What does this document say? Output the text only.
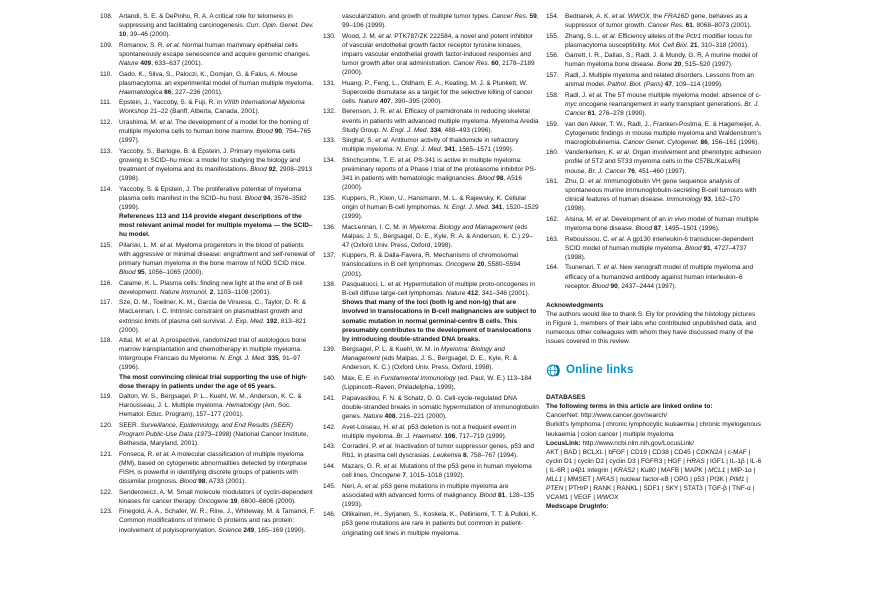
108. Artandi, S. E. & DePinho, R. A. A critical role for telomeres in suppressing and facilitating carcinogenesis. Curr. Opin. Genet. Dev. 10, 39–46 (2000).
109. Romanov, S. R. et al. Normal human mammary epithelial cells spontaneously escape senescence and acquire genomic changes. Nature 409, 633–637 (2001).
110. Gado, K., Silva, S., Paloczi, K., Domjan, G. & Falus, A. Mouse plasmacytoma: an experimental model of human multiple myeloma. Haematologica 86, 227–236 (2001).
111. Epstein, J., Yaccoby, S. & Fuji, R. in VIIIth International Myeloma Workshop 21–22 (Banff, Alberta, Canada, 2001).
112. Urashima, M. et al. The development of a model for the homing of multiple myeloma cells to human bone marrow. Blood 90, 754–765 (1997).
113. Yaccoby, S., Barlogie, B. & Epstein, J. Primary myeloma cells growing in SCID–hu mice: a model for studying the biology and treatment of myeloma and its manifestations. Blood 92, 2908–2913 (1998).
114. Yaccoby, S. & Epstein, J. The proliferative potential of myeloma plasma cells manifest in the SCID–hu host. Blood 94, 3576–3582 (1999).
References 113 and 114 provide elegant descriptions of the most relevant animal model for multiple myeloma — the SCID–hu model.
115. Pilarski, L. M. et al. Myeloma progenitors in the blood of patients with aggressive or minimal disease: engraftment and self-renewal of primary human myeloma in the bone marrow of NOD SCID mice. Blood 95, 1056–1065 (2000).
116. Calame, K. L. Plasma cells: finding new light at the end of B cell development. Nature Immunol. 2, 1103–1108 (2001).
117. Sze, D. M., Toellner, K. M., Garcia de Vinuesa, C., Taylor, D. R. & MacLennan, I. C. Intrinsic constraint on plasmablast growth and extrinsic limits of plasma cell survival. J. Exp. Med. 192, 813–821 (2000).
118. Attal, M. et al. A prospective, randomized trial of autologous bone marrow transplantation and chemotherapy in multiple myeloma. Intergroupe Francais du Myelome. N. Engl. J. Med. 335, 91–97 (1996).
The most convincing clinical trial supporting the use of high-dose therapy in patients under the age of 65 years.
119. Dalton, W. S., Bergsagel, P. L., Kuehl, W. M., Anderson, K. C. & Harousseau, J. L. Multiple myeloma. Hematology (Am. Soc. Hematol. Educ. Program), 157–177 (2001).
120. SEER. Surveillance, Epidemiology, and End Results (SEER) Program Public-Use Data (1973–1998) (National Cancer Institute, Bethesda, Maryland, 2001).
121. Fonseca, R. et al. A molecular classification of multiple myeloma (MM), based on cytogenetic abnormalities detected by interphase FISH, is powerful in identifying discrete groups of patients with dissimilar prognosis. Blood 98, A733 (2001).
122. Senderowicz, A. M. Small molecule modulators of cyclin-dependent kinases for cancer therapy. Oncogene 19, 6600–6606 (2000).
123. Finegold, A. A., Schafer, W. R., Rine, J., Whiteway, M. & Tamanoi, F. Common modifications of trimeric G proteins and ras protein: involvement of polyisoprenylation. Science 249, 165–169 (1990).
vascularization, and growth of multiple tumor types. Cancer Res. 59, 99–106 (1999).
130. Wood, J. M. et al. PTK787/ZK 222584, a novel and potent inhibitor of vascular endothelial growth factor receptor tyrosine kinases, impairs vascular endothelial growth factor-induced responses and tumor growth after oral administration. Cancer Res. 60, 2178–2189 (2000).
131. Huang, P., Feng, L., Oldham, E. A., Keating, M. J. & Plunkett, W. Superoxide dismutase as a target for the selective killing of cancer cells. Nature 407, 390–395 (2000).
132. Berenson, J. R. et al. Efficacy of pamidronate in reducing skeletal events in patients with advanced multiple myeloma. Myeloma Aredia Study Group. N. Engl. J. Med. 334, 488–493 (1996).
133. Singhal, S. et al. Antitumor activity of thalidomide in refractory multiple myeloma. N. Engl. J. Med. 341, 1565–1571 (1999).
134. Stinchcombe, T. E. et al. PS-341 is active in multiple myeloma: preliminary reports of a Phase I trial of the proteasome inhibitor PS-341 in patients with hematologic malignancies. Blood 98, A516 (2000).
135. Kuppers, R., Klein, U., Hansmann, M. L. & Rajewsky, K. Cellular origin of human B-cell lymphomas. N. Engl. J. Med. 341, 1520–1529 (1999).
136. MacLennan, I. C. M. in Myeloma: Biology and Management (eds Malpas, J. S., Bergsagel, D. E., Kyle, R. A. & Anderson, K. C.) 29–47 (Oxford Univ. Press, Oxford, 1998).
137. Kuppers, R. & Dalla-Favera, R. Mechanisms of chromosomal translocations in B cell lymphomas. Oncogene 20, 5580–5594 (2001).
138. Pasqualucci, L. et al. Hypermutation of multiple proto-oncogenes in B-cell diffuse large-cell lymphomas. Nature 412, 341–346 (2001).
Shows that many of the loci (both Ig and non-Ig) that are involved in translocations in B-cell malignancies are subject to somatic mutation in normal germinal-centre B cells. This presumably contributes to the development of translocations by introducing double-stranded DNA breaks.
139. Bergsagel, P. L. & Kuehl, W. M. in Myeloma: Biology and Management (eds Malpas, J. S., Bergsagel, D. E., Kyle, R. & Anderson, K. C.) (Oxford Univ. Press, Oxford, 1998).
140. Max, E. E. in Fundamental Immunology (ed. Paul, W. E.) 113–184 (Lippincott–Raven, Philadelphia, 1999).
141. Papavasiliou, F. N. & Schatz, D. G. Cell-cycle-regulated DNA double-stranded breaks in somatic hypermutation of immunoglobulin genes. Nature 408, 216–221 (2000).
142. Avet-Loiseau, H. et al. p53 deletion is not a frequent event in multiple myeloma. Br. J. Haematol. 106, 717–719 (1999).
143. Corradini, P. et al. Inactivation of tumor suppressor genes, p53 and Rb1, in plasma cell dyscrasias. Leukemia 8, 758–767 (1994).
144. Mazars, G. R. et al. Mutations of the p53 gene in human myeloma cell lines. Oncogene 7, 1015–1018 (1992).
145. Neri, A. et al. p53 gene mutations in multiple myeloma are associated with advanced forms of malignancy. Blood 81, 128–135 (1993).
146. Ollikainen, H., Syrjanen, S., Koskela, K., Pelliniemi, T. T. & Pulkki, K. p53 gene mutations are rare in patients but common in patient-originating cell lines in multiple myeloma.
154. Bednarek, A. K. et al. WWOX, the FRA16D gene, behaves as a suppressor of tumor growth. Cancer Res. 61, 8068–8073 (2001).
155. Zhang, S. L. et al. Efficiency alleles of the Pctr1 modifier locus for plasmacytoma susceptibility. Mol. Cell Biol. 21, 310–318 (2001).
156. Garrett, I. R., Dallas, S., Radl, J. & Mundy, G. R. A murine model of human myeloma bone disease. Bone 20, 515–520 (1997).
157. Radl, J. Multiple myeloma and related disorders. Lessons from an animal model. Pathol. Biol. (Paris) 47, 109–114 (1999).
158. Radl, J. et al. The 5T mouse multiple myeloma model: absence of c-myc oncogene rearrangement in early transplant generations. Br. J. Cancer 61, 276–278 (1990).
159. van den Akker, T. W., Radl, J., Franken-Postma, E. & Hagemeijer, A. Cytogenetic findings in mouse multiple myeloma and Waldenstrom's macroglobulinemia. Cancer Genet. Cytogenet. 86, 156–161 (1996).
160. Vanderkerken, K. et al. Organ involvement and phenotypic adhesion profile of 5T2 and 5T33 myeloma cells in the C57BL/KaLwRij mouse. Br. J. Cancer 76, 451–460 (1997).
161. Zhu, D. et al. Immunoglobulin VH gene sequence analysis of spontaneous murine immunoglobulin-secreting B-cell tumours with clinical features of human disease. Immunology 93, 162–170 (1998).
162. Alsina, M. et al. Development of an in vivo model of human multiple myeloma bone disease. Blood 87, 1495–1501 (1996).
163. Rebouissou, C. et al. A gp130 interleukin-6 transducer-dependent SCID model of human multiple myeloma. Blood 91, 4727–4737 (1998).
164. Tsunenari, T. et al. New xenograft model of multiple myeloma and efficacy of a humanized antibody against human interleukin–6 receptor. Blood 90, 2437–2444 (1997).
Acknowledgments
The authors would like to thank S. Ely for providing the histology pictures in Figure 1, members of their labs who contributed unpublished data, and numerous other colleagues with whom they have discussed many of the issues covered in this review.
Online links
DATABASES
The following terms in this article are linked online to:
CancerNet: http://www.cancer.gov/search/
Burkitt's lymphoma | chronic lymphocytic leukaemia | chronic myelogenous leukaemia | colon cancer | multiple myeloma
LocusLink: http://www.ncbi.nlm.nih.gov/LocusLink/
AKT | BAD | BCLXL | bFGF | CD19 | CD38 | CD45 | CDKN2A | c-MAF | cyclin D1 | cyclin D2 | cyclin D3 | FGFR3 | HGF | HRAS | IGF1 | IL-1β | IL-6 | IL-6R | α4β1 integrin | KRAS2 | Ku80 | MAFB | MAPK | MCL1 | MIP-1α | MLL1 | MMSET | NRAS | nuclear factor-κB | OPG | p53 | PI3K | PIM1 | PTEN | PTHrP | RANK | RANKL | SDF1 | SKY | STAT3 | TGF-β | TNF-α | VCAM1 | VEGF | WWOX
Medscape DrugInfo:
